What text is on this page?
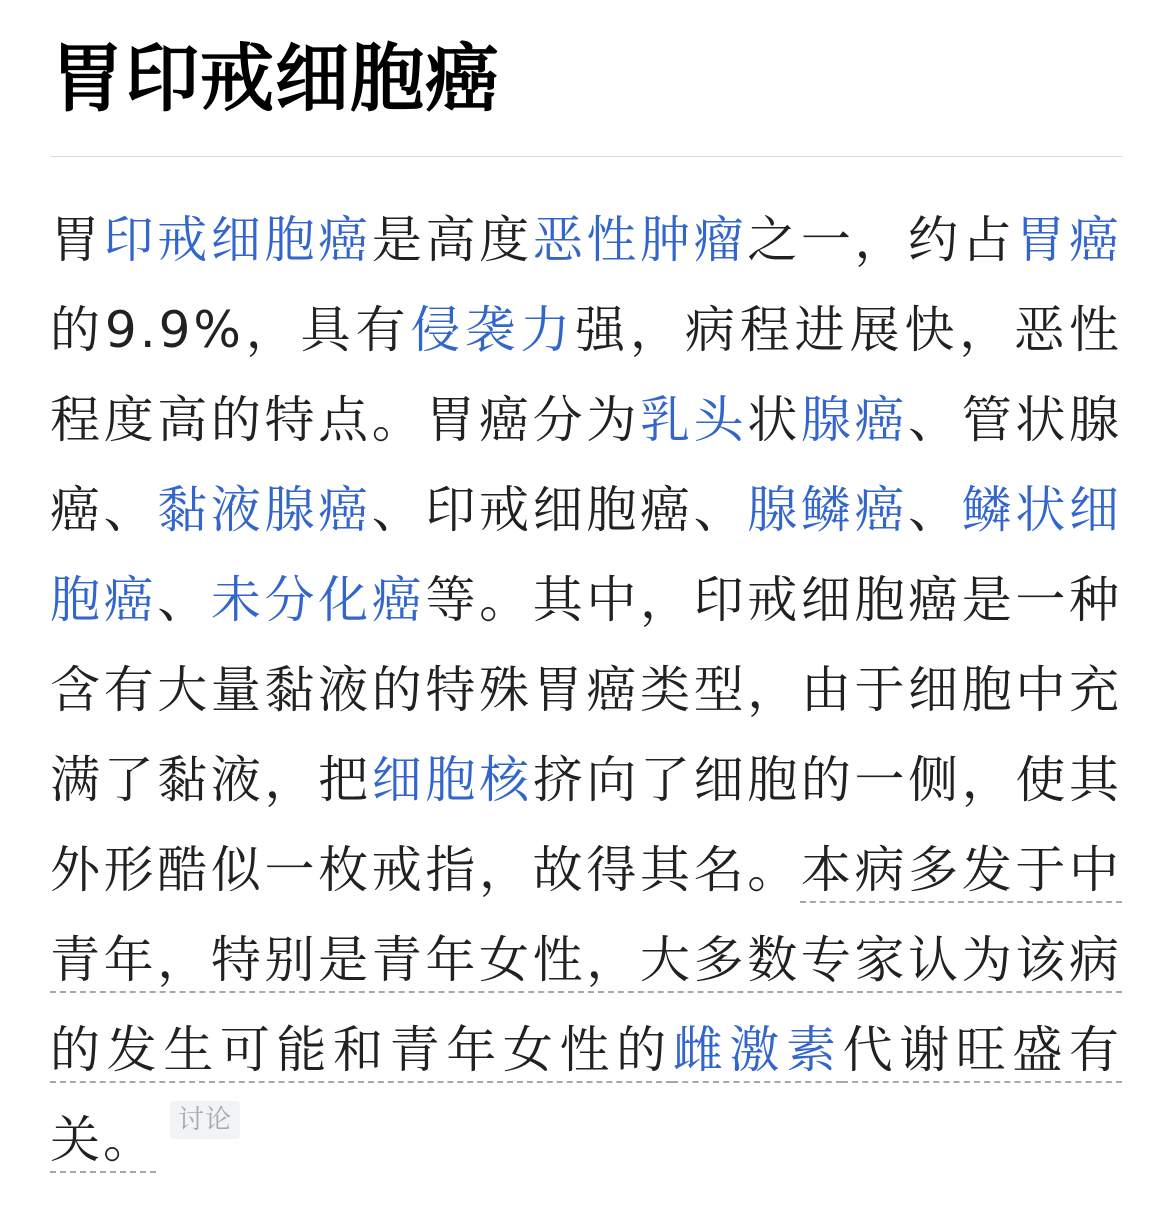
胃印戒细胞癌

胃印戒细胞癌是高度恶性肿瘤之一，约占胃癌的9.9%，具有侵袭力强，病程进展快，恶性程度高的特点。胃癌分为乳头状腺癌、管状腺癌、黏液腺癌、印戒细胞癌、腺鳞癌、鳞状细胞癌、未分化癌等。其中，印戒细胞癌是一种含有大量黏液的特殊胃癌类型，由于细胞中充满了黏液，把细胞核挤向了细胞的一侧，使其外形酷似一枚戒指，故得其名。本病多发于中青年，特别是青年女性，大多数专家认为该病的发生可能和青年女性的雌激素代谢旺盛有关。 讨论
